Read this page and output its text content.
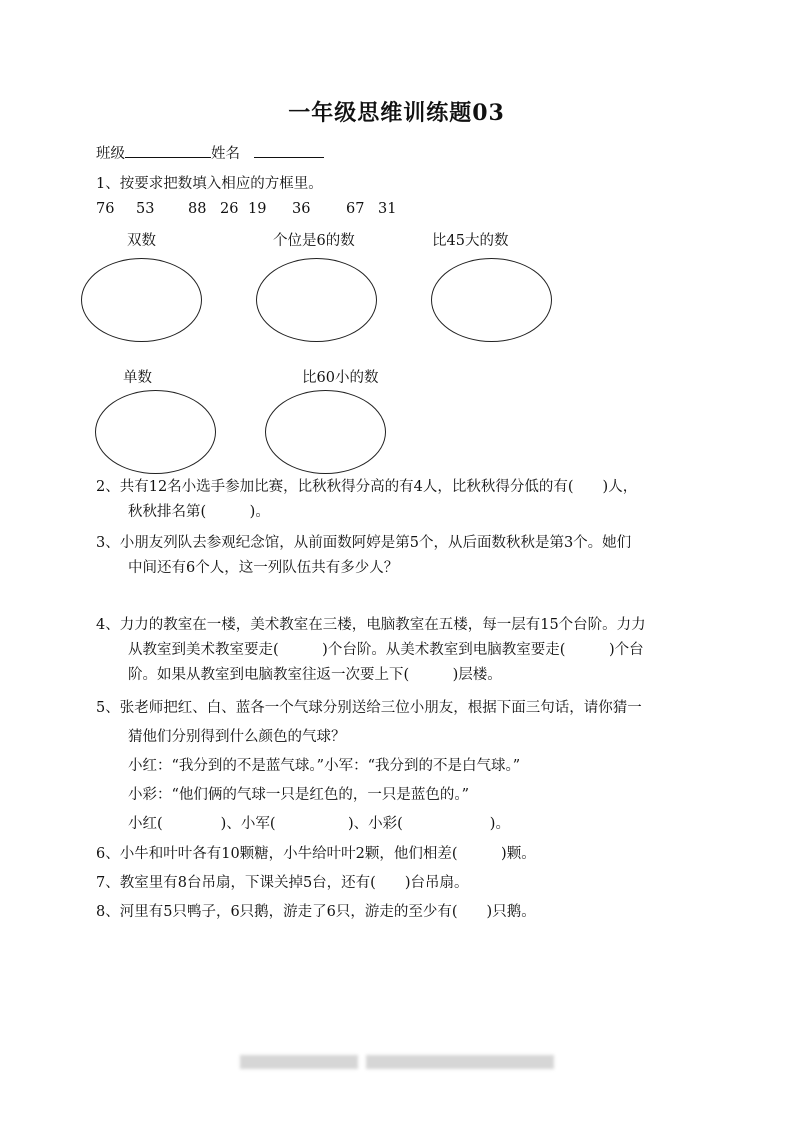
一年级思维训练题03
班级	姓名
1、按要求把数填入相应的方框里。
76 53 88 26 19 36 67 31
双数	个位是6的数	比45大的数
单数	比60小的数
2、共有12名小选手参加比赛，比秋秋得分高的有4人，比秋秋得分低的有(　　)人，
秋秋排名第(　　　)。
3、小朋友列队去参观纪念馆，从前面数阿婷是第5个，从后面数秋秋是第3个。她们
中间还有6个人，这一列队伍共有多少人？
4、力力的教室在一楼，美术教室在三楼，电脑教室在五楼，每一层有15个台阶。力力
从教室到美术教室要走(　　　)个台阶。从美术教室到电脑教室要走(　　　)个台
阶。如果从教室到电脑教室往返一次要上下(　　　)层楼。
5、张老师把红、白、蓝各一个气球分别送给三位小朋友，根据下面三句话，请你猜一
猜他们分别得到什么颜色的气球？
小红：“我分到的不是蓝气球。”小军：“我分到的不是白气球。”
小彩：“他们俩的气球一只是红色的，一只是蓝色的。”
小红(　　　　)、小军(　　　　　)、小彩(　　　　　　)。
6、小牛和叶叶各有10颗糖，小牛给叶叶2颗，他们相差(　　　)颗。
7、教室里有8台吊扇，下课关掉5台，还有(　　)台吊扇。
8、河里有5只鸭子，6只鹅，游走了6只，游走的至少有(　　)只鹅。
